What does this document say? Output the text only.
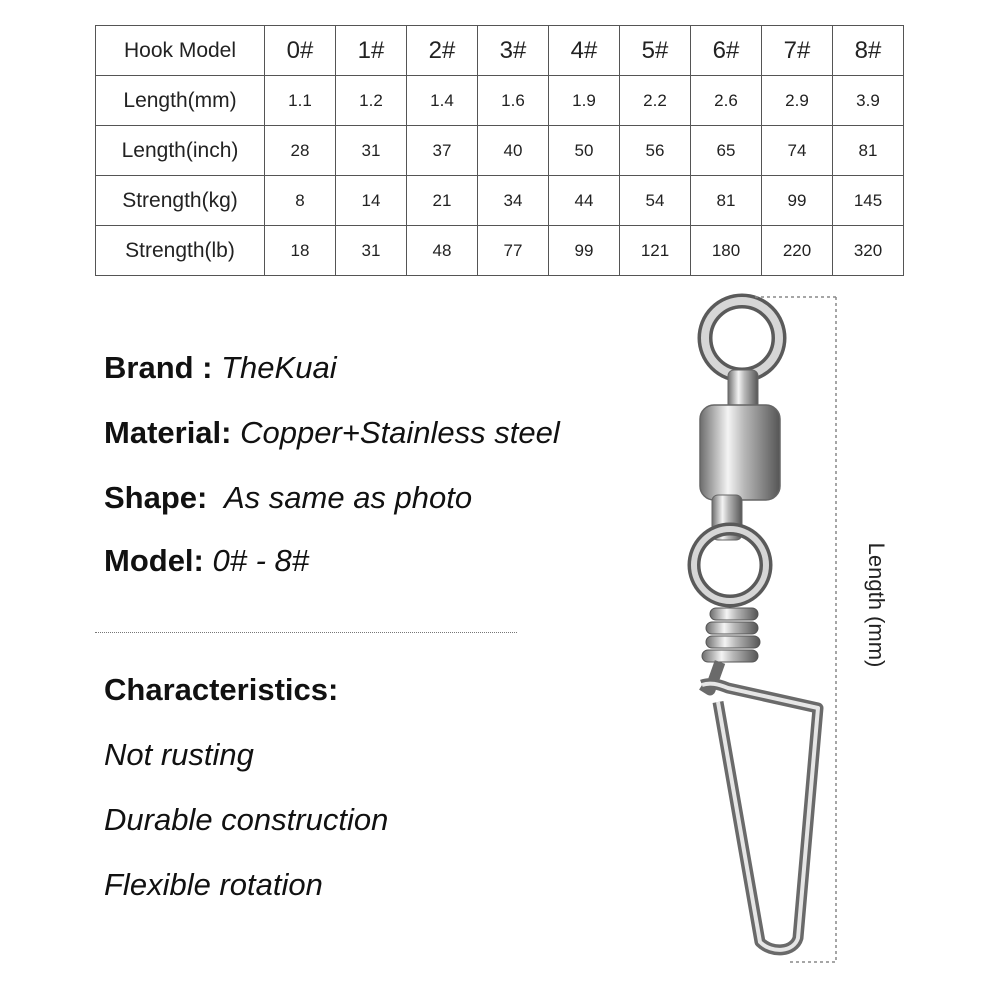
Hook Model	0#	1#	2#	3#	4#	5#	6#	7#	8#
Length(mm)	1.1	1.2	1.4	1.6	1.9	2.2	2.6	2.9	3.9
Length(inch)	28	31	37	40	50	56	65	74	81
Strength(kg)	8	14	21	34	44	54	81	99	145
Strength(lb)	18	31	48	77	99	121	180	220	320
Brand : TheKuai
Material: Copper+Stainless steel
Shape: As same as photo
Model: 0# - 8#
Characteristics:
Not rusting
Durable construction
Flexible rotation
Length (mm)
